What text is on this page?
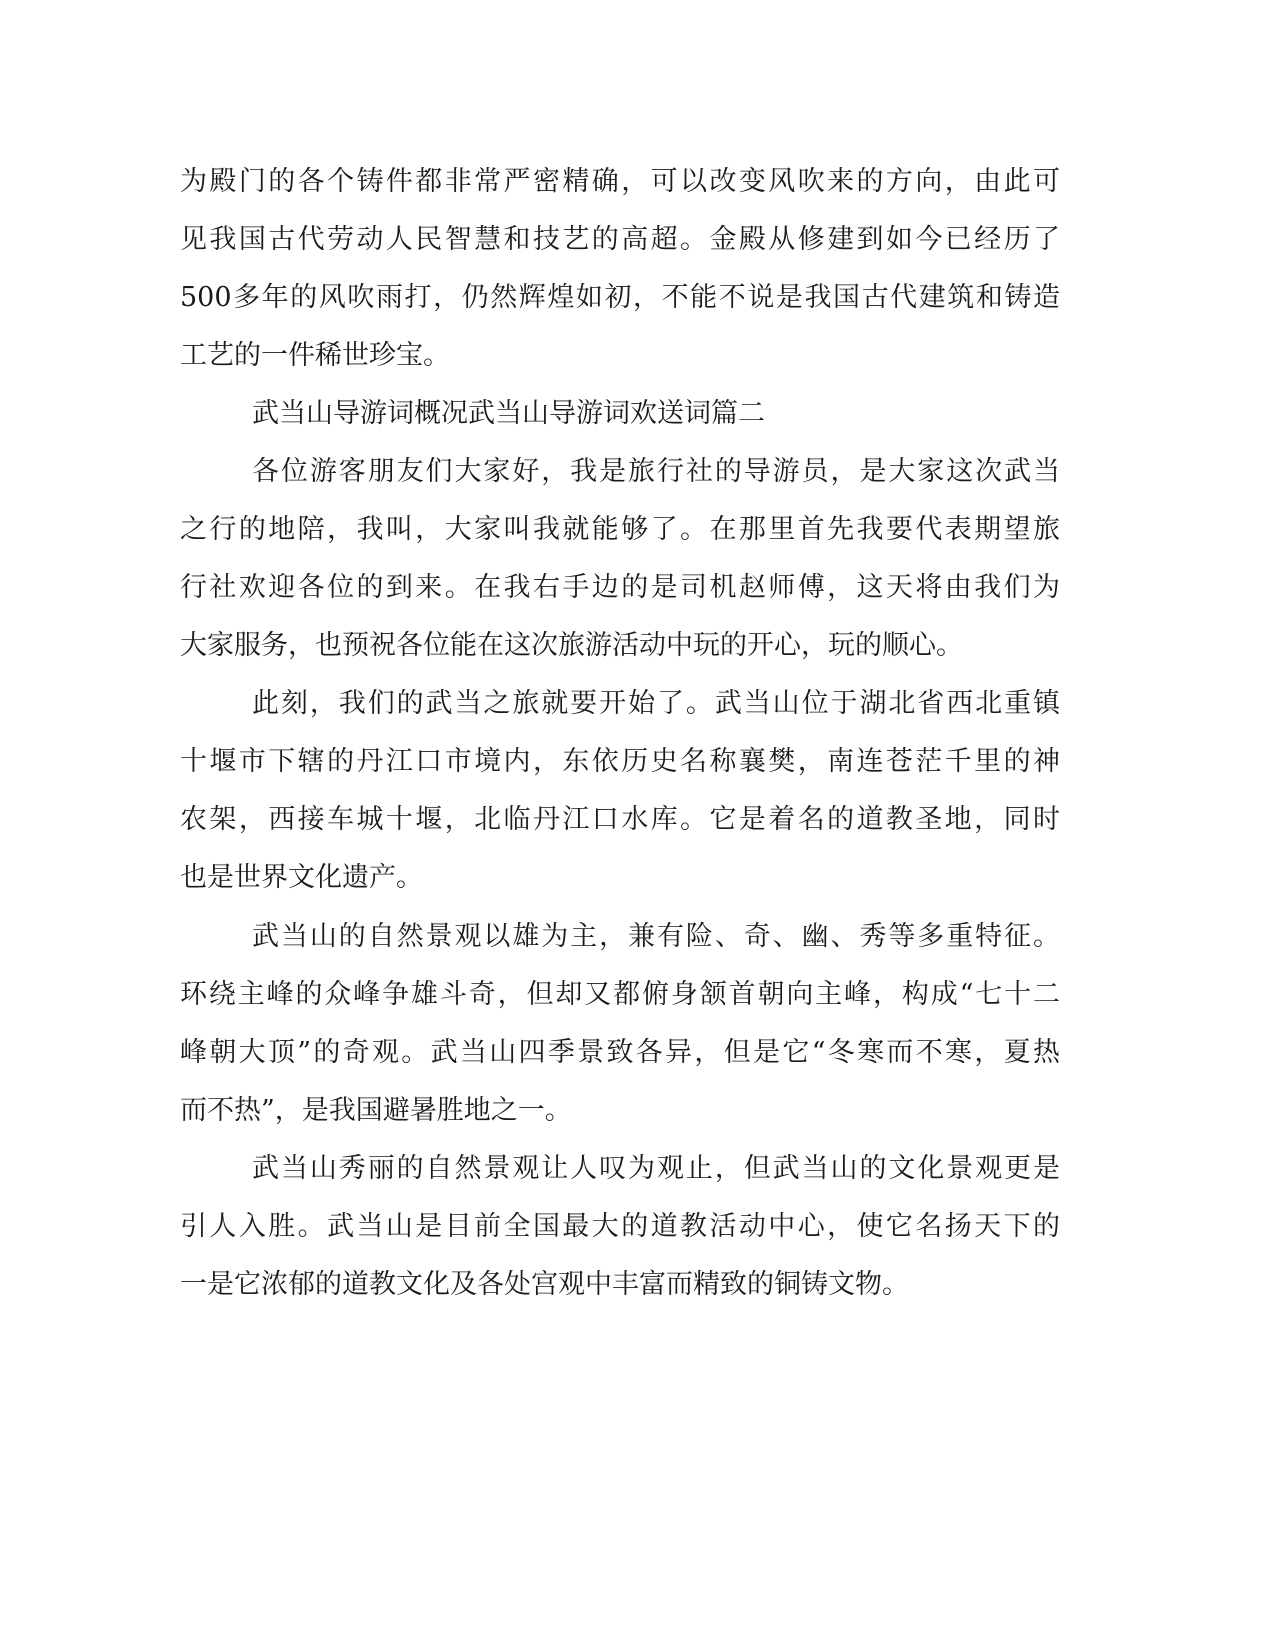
为殿门的各个铸件都非常严密精确，可以改变风吹来的方向，由此可
见我国古代劳动人民智慧和技艺的高超。金殿从修建到如今已经历了
500多年的风吹雨打，仍然辉煌如初，不能不说是我国古代建筑和铸造
工艺的一件稀世珍宝。
武当山导游词概况武当山导游词欢送词篇二
各位游客朋友们大家好，我是旅行社的导游员，是大家这次武当
之行的地陪，我叫，大家叫我就能够了。在那里首先我要代表期望旅
行社欢迎各位的到来。在我右手边的是司机赵师傅，这天将由我们为
大家服务，也预祝各位能在这次旅游活动中玩的开心，玩的顺心。
此刻，我们的武当之旅就要开始了。武当山位于湖北省西北重镇
十堰市下辖的丹江口市境内，东依历史名称襄樊，南连苍茫千里的神
农架，西接车城十堰，北临丹江口水库。它是着名的道教圣地，同时
也是世界文化遗产。
武当山的自然景观以雄为主，兼有险、奇、幽、秀等多重特征。
环绕主峰的众峰争雄斗奇，但却又都俯身颔首朝向主峰，构成“七十二
峰朝大顶”的奇观。武当山四季景致各异，但是它“冬寒而不寒，夏热
而不热”，是我国避暑胜地之一。
武当山秀丽的自然景观让人叹为观止，但武当山的文化景观更是
引人入胜。武当山是目前全国最大的道教活动中心，使它名扬天下的
一是它浓郁的道教文化及各处宫观中丰富而精致的铜铸文物。
